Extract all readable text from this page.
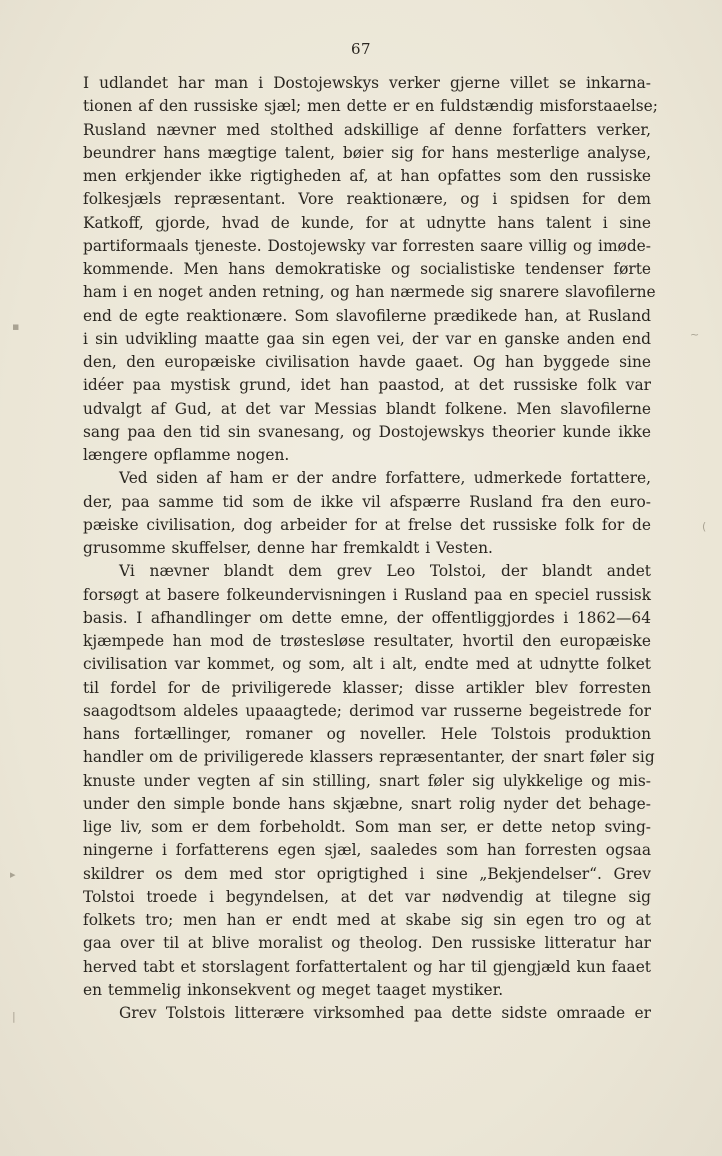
67
I udlandet har man i Dostojewskys verker gjerne villet se inkarna-
tionen af den russiske sjæl; men dette er en fuldstændig misforstaaelse;
Rusland nævner med stolthed adskillige af denne forfatters verker,
beundrer hans mægtige talent, bøier sig for hans mesterlige analyse,
men erkjender ikke rigtigheden af, at han opfattes som den russiske
folkesjæls repræsentant. Vore reaktionære, og i spidsen for dem
Katkoff, gjorde, hvad de kunde, for at udnytte hans talent i sine
partiformaals tjeneste. Dostojewsky var forresten saare villig og imøde-
kommende. Men hans demokratiske og socialistiske tendenser førte
ham i en noget anden retning, og han nærmede sig snarere slavofilerne
end de egte reaktionære. Som slavofilerne prædikede han, at Rusland
i sin udvikling maatte gaa sin egen vei, der var en ganske anden end
den, den europæiske civilisation havde gaaet. Og han byggede sine
idéer paa mystisk grund, idet han paastod, at det russiske folk var
udvalgt af Gud, at det var Messias blandt folkene. Men slavofilerne
sang paa den tid sin svanesang, og Dostojewskys theorier kunde ikke
længere opflamme nogen.
Ved siden af ham er der andre forfattere, udmerkede fortattere,
der, paa samme tid som de ikke vil afspærre Rusland fra den euro-
pæiske civilisation, dog arbeider for at frelse det russiske folk for de
grusomme skuffelser, denne har fremkaldt i Vesten.
Vi nævner blandt dem grev Leo Tolstoi, der blandt andet
forsøgt at basere folkeundervisningen i Rusland paa en speciel russisk
basis. I afhandlinger om dette emne, der offentliggjordes i 1862—64
kjæmpede han mod de trøstesløse resultater, hvortil den europæiske
civilisation var kommet, og som, alt i alt, endte med at udnytte folket
til fordel for de priviligerede klasser; disse artikler blev forresten
saagodtsom aldeles upaaagtede; derimod var russerne begeistrede for
hans fortællinger, romaner og noveller. Hele Tolstois produktion
handler om de priviligerede klassers repræsentanter, der snart føler sig
knuste under vegten af sin stilling, snart føler sig ulykkelige og mis-
under den simple bonde hans skjæbne, snart rolig nyder det behage-
lige liv, som er dem forbeholdt. Som man ser, er dette netop sving-
ningerne i forfatterens egen sjæl, saaledes som han forresten ogsaa
skildrer os dem med stor oprigtighed i sine „Bekjendelser“. Grev
Tolstoi troede i begyndelsen, at det var nødvendig at tilegne sig
folkets tro; men han er endt med at skabe sig sin egen tro og at
gaa over til at blive moralist og theolog. Den russiske litteratur har
herved tabt et storslagent forfattertalent og har til gjengjæld kun faaet
en temmelig inkonsekvent og meget taaget mystiker.
Grev Tolstois litterære virksomhed paa dette sidste omraade er
▪
~
(
▸
|
